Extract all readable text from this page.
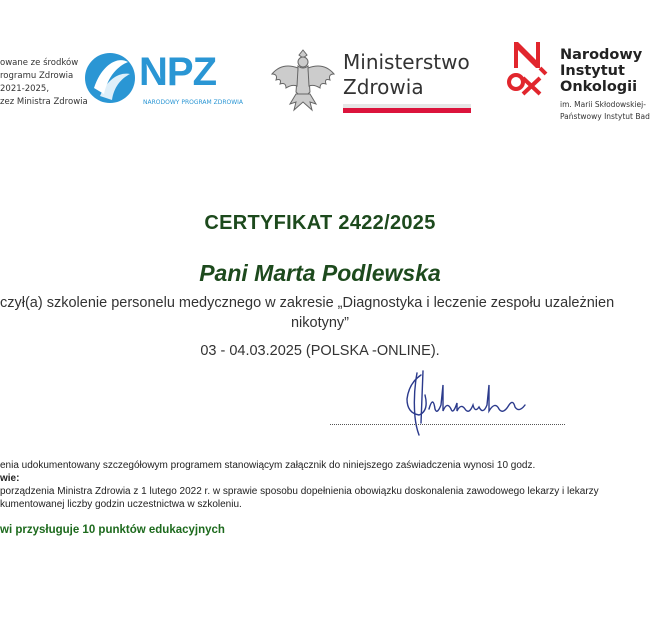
owane ze środków
rogramu Zdrowia
2021-2025,
zez Ministra Zdrowia
NPZ
NARODOWY PROGRAM ZDROWIA
Ministerstwo
Zdrowia
Narodowy
Instytut
Onkologii
im. Marii Skłodowskiej-
Państwowy Instytut Bad
CERTYFIKAT 2422/2025
Pani Marta Podlewska
czył(a) szkolenie personelu medycznego w zakresie „Diagnostyka i leczenie zespołu uzależnien
nikotyny”
03 - 04.03.2025 (POLSKA -ONLINE).
enia udokumentowany szczegółowym programem stanowiącym załącznik do niniejszego zaświadczenia wynosi 10 godz.
wie:
porządzenia Ministra Zdrowia z 1 lutego 2022 r. w sprawie sposobu dopełnienia obowiązku doskonalenia zawodowego lekarzy i lekarzy
kumentowanej liczby godzin uczestnictwa w szkoleniu.
wi przysługuje 10 punktów edukacyjnych
